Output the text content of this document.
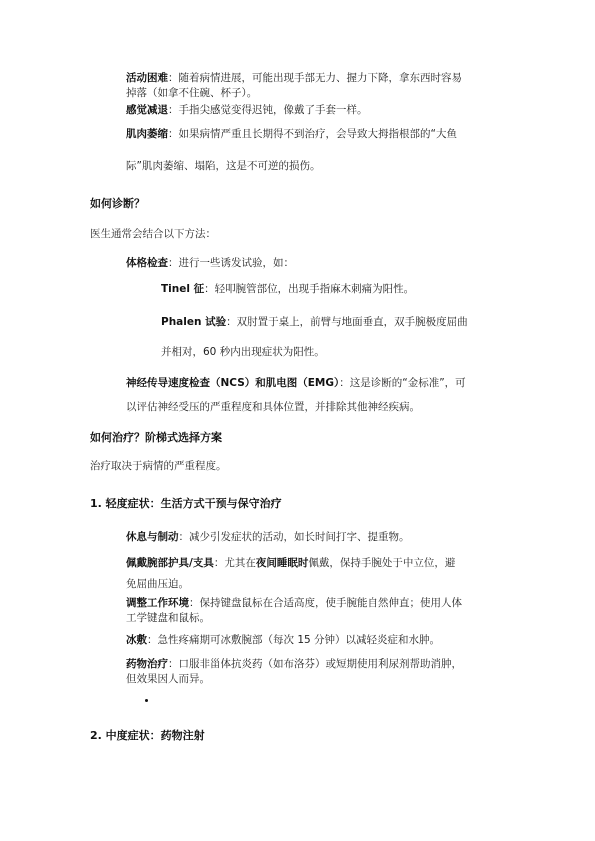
活动困难：随着病情进展，可能出现手部无力、握力下降，拿东西时容易

掉落（如拿不住碗、杯子）。

感觉减退：手指尖感觉变得迟钝，像戴了手套一样。

肌肉萎缩：如果病情严重且长期得不到治疗，会导致大拇指根部的“大鱼

际”肌肉萎缩、塌陷，这是不可逆的损伤。

如何诊断？

医生通常会结合以下方法：

体格检查：进行一些诱发试验，如：

Tinel 征：轻叩腕管部位，出现手指麻木刺痛为阳性。

Phalen 试验：双肘置于桌上，前臂与地面垂直，双手腕极度屈曲

并相对，60 秒内出现症状为阳性。

神经传导速度检查（NCS）和肌电图（EMG）：这是诊断的“金标准”，可

以评估神经受压的严重程度和具体位置，并排除其他神经疾病。

如何治疗？阶梯式选择方案

治疗取决于病情的严重程度。

1. 轻度症状：生活方式干预与保守治疗

休息与制动：减少引发症状的活动，如长时间打字、提重物。

佩戴腕部护具/支具：尤其在夜间睡眠时佩戴，保持手腕处于中立位，避

免屈曲压迫。

调整工作环境：保持键盘鼠标在合适高度，使手腕能自然伸直；使用人体

工学键盘和鼠标。

冰敷：急性疼痛期可冰敷腕部（每次 15 分钟）以减轻炎症和水肿。

药物治疗：口服非甾体抗炎药（如布洛芬）或短期使用利尿剂帮助消肿，

但效果因人而异。

2. 中度症状：药物注射
